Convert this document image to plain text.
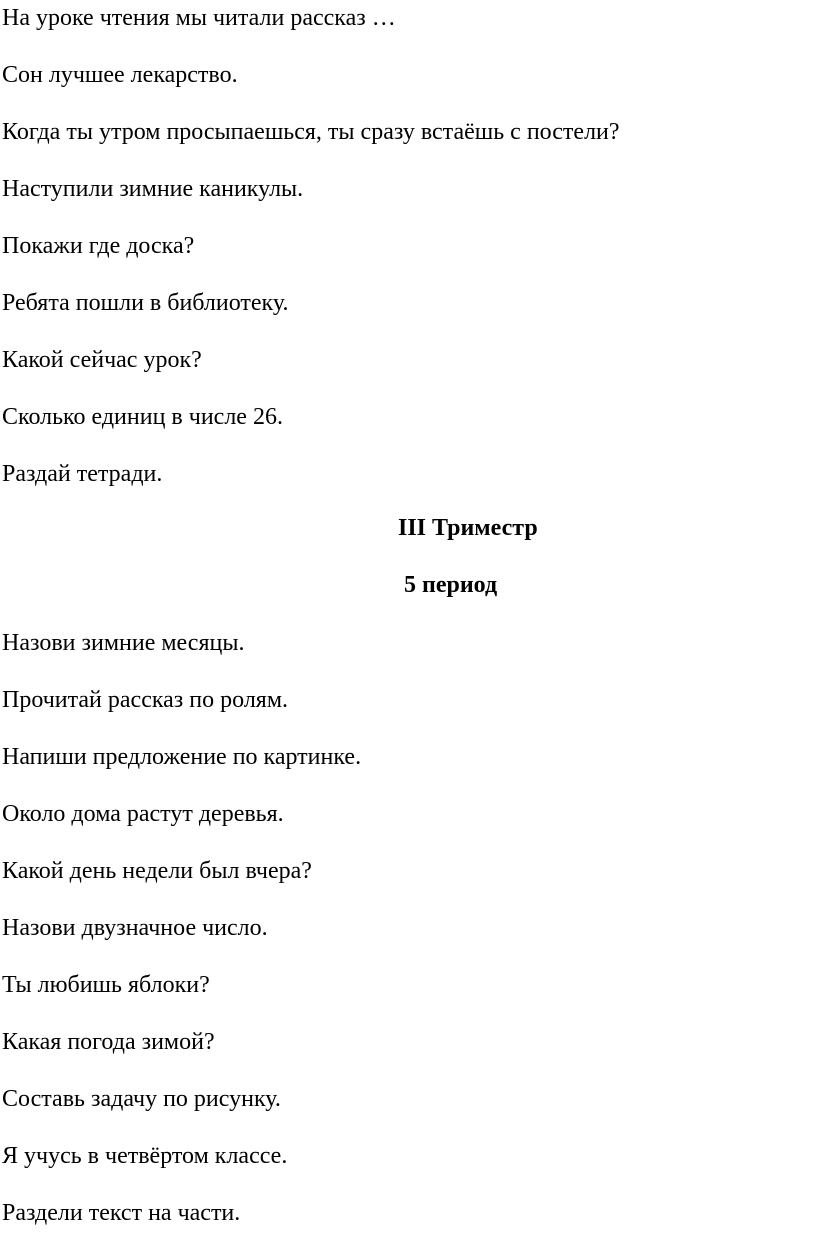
На уроке чтения мы читали рассказ …
Сон лучшее лекарство.
Когда ты утром просыпаешься, ты сразу встаёшь с постели?
Наступили зимние каникулы.
Покажи где доска?
Ребята пошли в библиотеку.
Какой сейчас урок?
Сколько единиц в числе 26.
Раздай тетради.
III Триместр
5 период
Назови зимние месяцы.
Прочитай рассказ по ролям.
Напиши предложение по картинке.
Около дома растут деревья.
Какой день недели был вчера?
Назови двузначное число.
Ты любишь яблоки?
Какая погода зимой?
Составь задачу по рисунку.
Я учусь в четвёртом классе.
Раздели текст на части.
